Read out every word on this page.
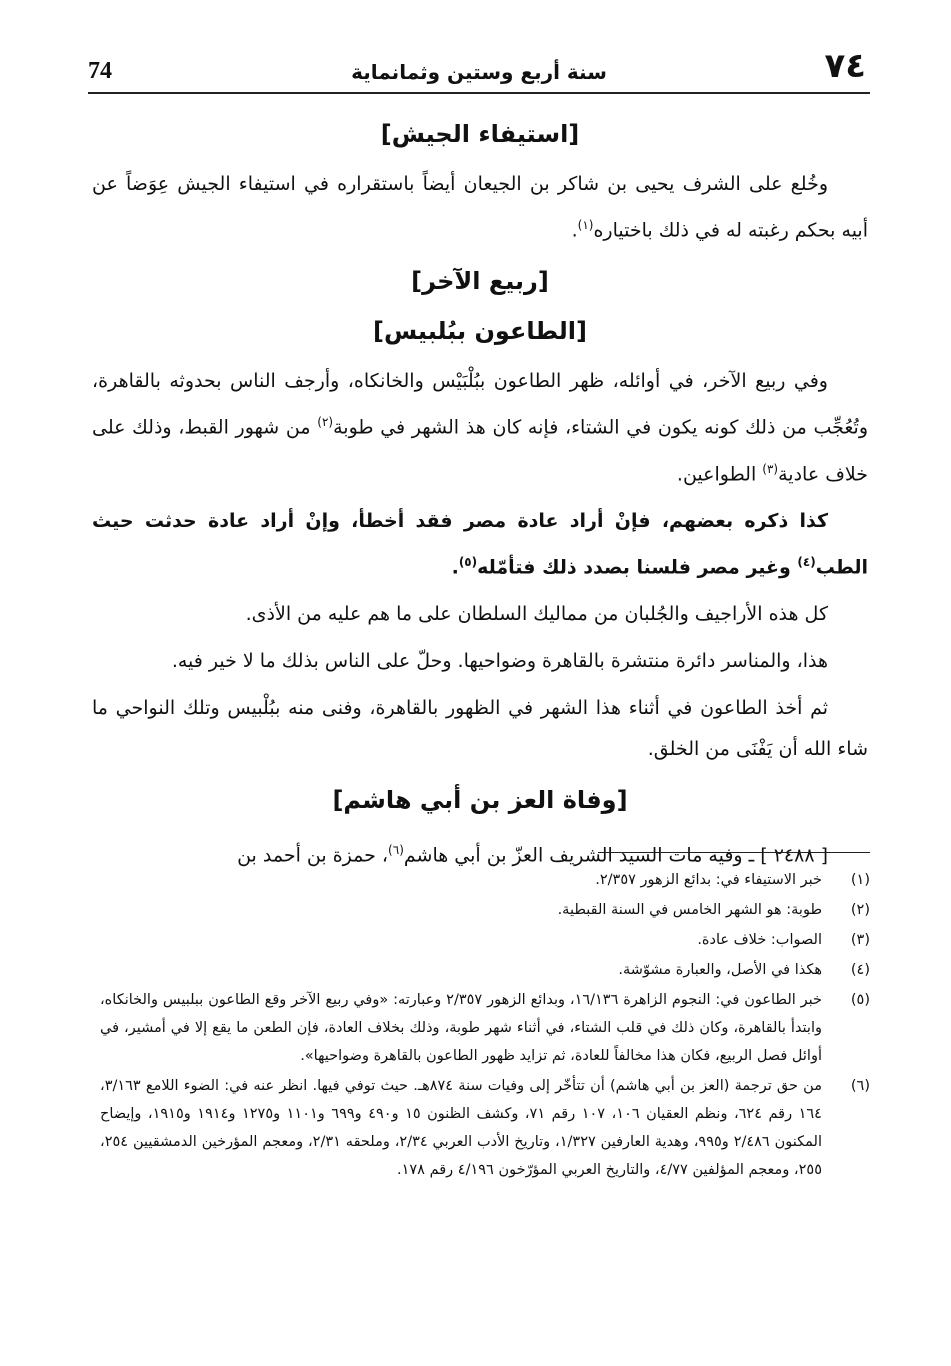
74	سنة أربع وستين وثمانماية	٧٤
[استيفاء الجيش]

وخُلع على الشرف يحيى بن شاكر بن الجيعان أيضاً باستقراره في استيفاء الجيش عِوَضاً عن أبيه بحكم رغبته له في ذلك باختياره$^{(١)}$.

[ربيع الآخر]
[الطاعون ببُلبيس]

وفي ربيع الآخر، في أوائله، ظهر الطاعون ببُلْبَيْس والخانكاه، وأرجف الناس بحدوثه بالقاهرة، وتُعُجِّب من ذلك كونه يكون في الشتاء، فإنه كان هذ الشهر في طوبة$^{(٢)}$ من شهور القبط، وذلك على خلاف عادية$^{(٣)}$ الطواعين.

كذا ذكره بعضهم، فإنْ أراد عادة مصر فقد أخطأ، وإنْ أراد عادة حدثت حيث الطب$^{(٤)}$ وغير مصر فلسنا بصدد ذلك فتأمّله$^{(٥)}$.

كل هذه الأراجيف والجُلبان من مماليك السلطان على ما هم عليه من الأذى.

هذا، والمناسر دائرة منتشرة بالقاهرة وضواحيها. وحلّ على الناس بذلك ما لا خير فيه.

ثم أخذ الطاعون في أثناء هذا الشهر في الظهور بالقاهرة، وفنى منه ببُلْبيس وتلك النواحي ما شاء الله أن يَفْنَى من الخلق.

[وفاة العز بن أبي هاشم]

[ ٢٤٨٨ ] ـ وفيه مات السيد الشريف العزّ بن أبي هاشم$^{(٦)}$، حمزة بن أحمد بن

(١)
خبر الاستيفاء في: بدائع الزهور ٢/٣٥٧.
(٢)
طوبة: هو الشهر الخامس في السنة القبطية.
(٣)
الصواب: خلاف عادة.
(٤)
هكذا في الأصل، والعبارة مشوّشة.
(٥)
خبر الطاعون في: النجوم الزاهرة ١٦/١٣٦، وبدائع الزهور ٢/٣٥٧ وعبارته: «وفي ربيع الآخر وقع الطاعون ببلبيس والخانكاه، وابتدأ بالقاهرة، وكان ذلك في قلب الشتاء، في أثناء شهر طوبة، وذلك بخلاف العادة، فإن الطعن ما يقع إلا في أمشير، في أوائل فصل الربيع، فكان هذا مخالفاً للعادة، ثم تزايد ظهور الطاعون بالقاهرة وضواحيها».
(٦)
من حق ترجمة (العز بن أبي هاشم) أن تتأخّر إلى وفيات سنة ٨٧٤هـ. حيث توفي فيها. انظر عنه في: الضوء اللامع ٣/١٦٣، ١٦٤ رقم ٦٢٤، ونظم العقيان ١٠٦، ١٠٧ رقم ٧١، وكشف الظنون ١٥ و٤٩٠ و٦٩٩ و١١٠١ و١٢٧٥ و١٩١٤ و١٩١٥، وإيضاح المكنون ٢/٤٨٦ و٩٩٥، وهدية العارفين ١/٣٢٧، وتاريخ الأدب العربي ٢/٣٤، وملحقه ٢/٣١، ومعجم المؤرخين الدمشقيين ٢٥٤، ٢٥٥، ومعجم المؤلفين ٤/٧٧، والتاريخ العربي المؤرّخون ٤/١٩٦ رقم ١٧٨.
